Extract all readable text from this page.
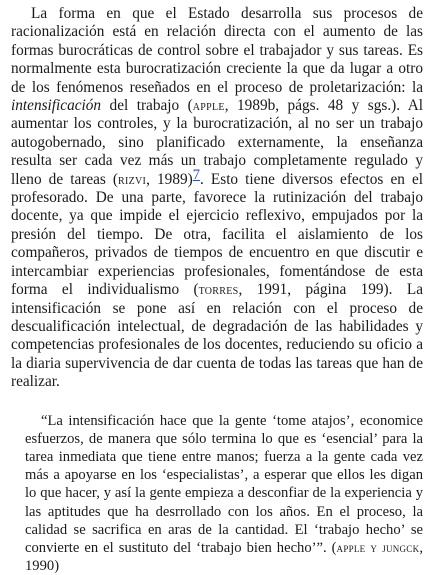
La forma en que el Estado desarrolla sus procesos de racionalización está en relación directa con el aumento de las formas burocráticas de control sobre el trabajador y sus tareas. Es normalmente esta burocratización creciente la que da lugar a otro de los fenómenos reseñados en el proceso de proletarización: la intensificación del trabajo (apple, 1989b, págs. 48 y sgs.). Al aumentar los controles, y la burocratización, al no ser un trabajo autogobernado, sino planificado externamente, la enseñanza resulta ser cada vez más un trabajo completamente regulado y lleno de tareas (rizvi, 1989)7. Esto tiene diversos efectos en el profesorado. De una parte, favorece la rutinización del trabajo docente, ya que impide el ejercicio reflexivo, empujados por la presión del tiempo. De otra, facilita el aislamiento de los compañeros, privados de tiempos de encuentro en que discutir e intercambiar experiencias profesionales, fomentándose de esta forma el individualismo (torres, 1991, página 199). La intensificación se pone así en relación con el proceso de descualificación intelectual, de degradación de las habilidades y competencias profesionales de los docentes, reduciendo su oficio a la diaria supervivencia de dar cuenta de todas las tareas que han de realizar.

“La intensificación hace que la gente ‘tome atajos’, economice esfuerzos, de manera que sólo termina lo que es ‘esencial’ para la tarea inmediata que tiene entre manos; fuerza a la gente cada vez más a apoyarse en los ‘especialistas’, a esperar que ellos les digan lo que hacer, y así la gente empieza a desconfiar de la experiencia y las aptitudes que ha desrrollado con los años. En el proceso, la calidad se sacrifica en aras de la cantidad. El ‘trabajo hecho’ se convierte en el sustituto del ‘trabajo bien hecho’”. (apple y jungck, 1990)
